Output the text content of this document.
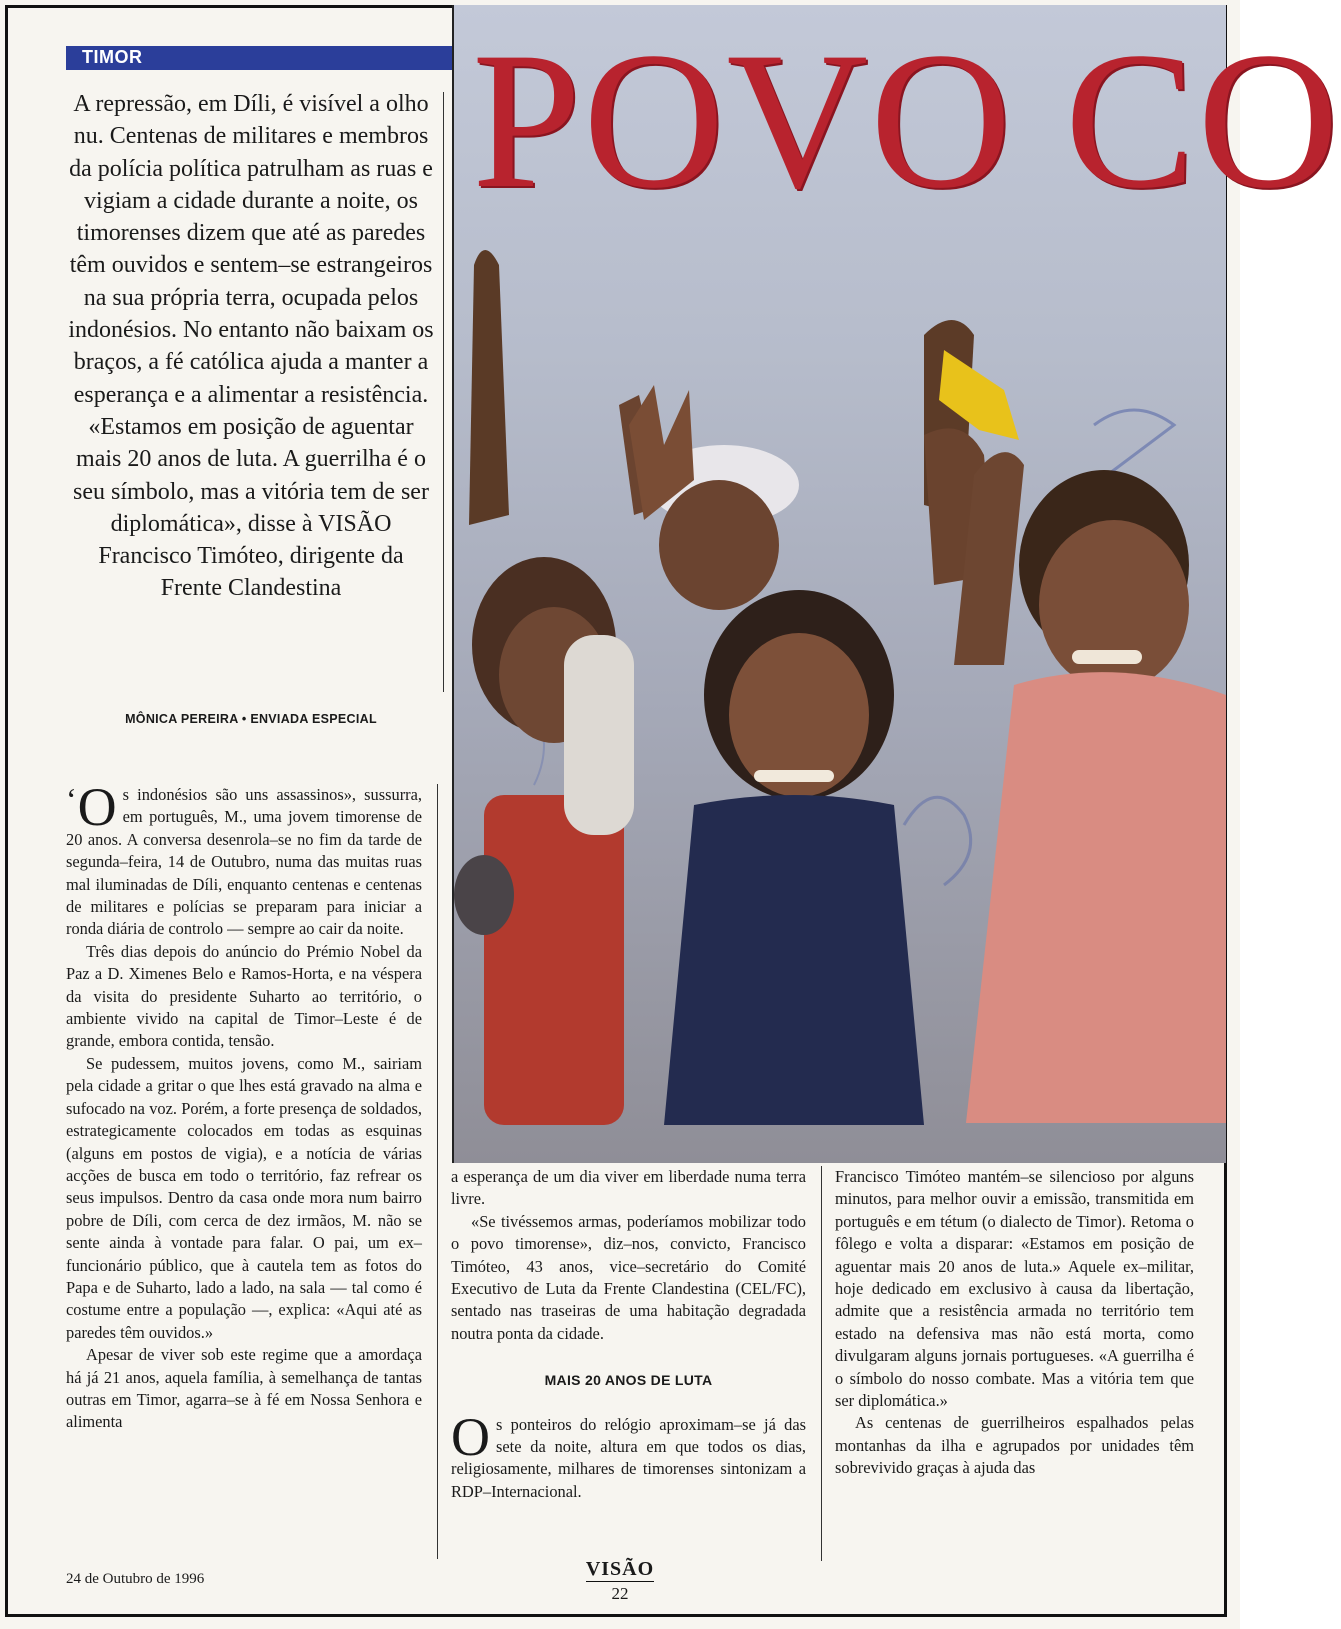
TIMOR
A repressão, em Díli, é visível a olho nu. Centenas de militares e membros da polícia política patrulham as ruas e vigiam a cidade durante a noite, os timorenses dizem que até as paredes têm ouvidos e sentem–se estrangeiros na sua própria terra, ocupada pelos indonésios. No entanto não baixam os braços, a fé católica ajuda a manter a esperança e a alimentar a resistência. «Estamos em posição de aguentar mais 20 anos de luta. A guerrilha é o seu símbolo, mas a vitória tem de ser diplomática», disse à VISÃO Francisco Timóteo, dirigente da Frente Clandestina
MÔNICA PEREIRA • ENVIADA ESPECIAL
POVO CO

‘ O s indonésios são uns assassinos», sussurra, em português, M., uma jovem timorense de 20 anos. A conversa desenrola–se no fim da tarde de segunda–feira, 14 de Outubro, numa das muitas ruas mal iluminadas de Díli, enquanto centenas e centenas de militares e polícias se preparam para iniciar a ronda diária de controlo — sempre ao cair da noite.

Três dias depois do anúncio do Prémio Nobel da Paz a D. Ximenes Belo e Ramos-Horta, e na véspera da visita do presidente Suharto ao território, o ambiente vivido na capital de Timor–Leste é de grande, embora contida, tensão.

Se pudessem, muitos jovens, como M., sairiam pela cidade a gritar o que lhes está gravado na alma e sufocado na voz. Porém, a forte presença de soldados, estrategicamente colocados em todas as esquinas (alguns em postos de vigia), e a notícia de várias acções de busca em todo o território, faz refrear os seus impulsos. Dentro da casa onde mora num bairro pobre de Díli, com cerca de dez irmãos, M. não se sente ainda à vontade para falar. O pai, um ex–funcionário público, que à cautela tem as fotos do Papa e de Suharto, lado a lado, na sala — tal como é costume entre a população —, explica: «Aqui até as paredes têm ouvidos.»

Apesar de viver sob este regime que a amordaça há já 21 anos, aquela família, à semelhança de tantas outras em Timor, agarra–se à fé em Nossa Senhora e alimenta

a esperança de um dia viver em liberdade numa terra livre.

«Se tivéssemos armas, poderíamos mobilizar todo o povo timorense», diz–nos, convicto, Francisco Timóteo, 43 anos, vice–secretário do Comité Executivo de Luta da Frente Clandestina (CEL/FC), sentado nas traseiras de uma habitação degradada noutra ponta da cidade.

MAIS 20 ANOS DE LUTA

Os ponteiros do relógio aproximam–se já das sete da noite, altura em que todos os dias, religiosamente, milhares de timorenses sintonizam a RDP–Internacional.

Francisco Timóteo mantém–se silencioso por alguns minutos, para melhor ouvir a emissão, transmitida em português e em tétum (o dialecto de Timor). Retoma o fôlego e volta a disparar: «Estamos em posição de aguentar mais 20 anos de luta.» Aquele ex–militar, hoje dedicado em exclusivo à causa da libertação, admite que a resistência armada no território tem estado na defensiva mas não está morta, como divulgaram alguns jornais portugueses. «A guerrilha é o símbolo do nosso combate. Mas a vitória tem que ser diplomática.»

As centenas de guerrilheiros espalhados pelas montanhas da ilha e agrupados por unidades têm sobrevivido graças à ajuda das

24 de Outubro de 1996	VISÃO
22
